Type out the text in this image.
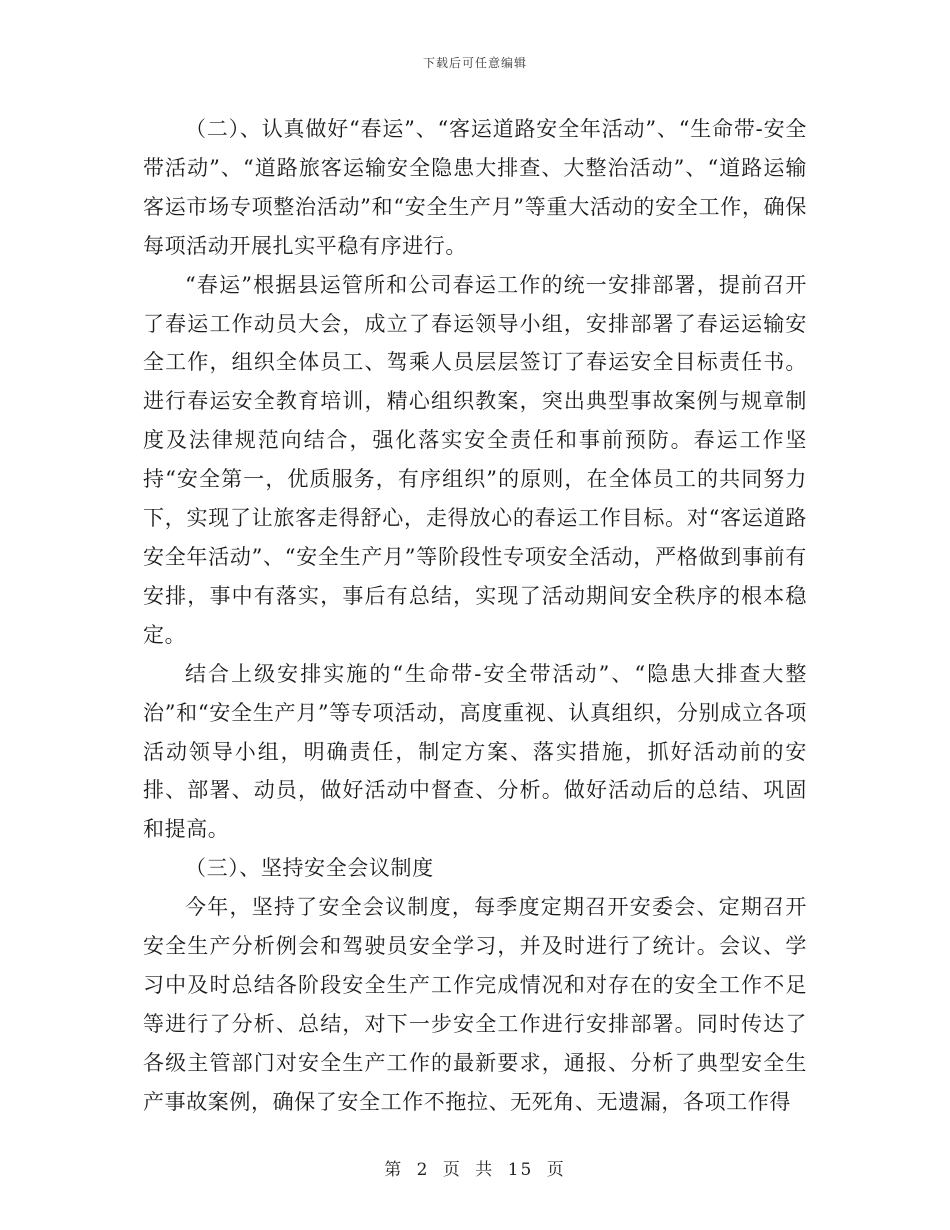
下载后可任意编辑

（二）、认真做好“春运”、“客运道路安全年活动”、“生命带-安全带活动”、“道路旅客运输安全隐患大排查、大整治活动”、“道路运输客运市场专项整治活动”和“安全生产月”等重大活动的安全工作，确保每项活动开展扎实平稳有序进行。

“春运”根据县运管所和公司春运工作的统一安排部署，提前召开了春运工作动员大会，成立了春运领导小组，安排部署了春运运输安全工作，组织全体员工、驾乘人员层层签订了春运安全目标责任书。进行春运安全教育培训，精心组织教案，突出典型事故案例与规章制度及法律规范向结合，强化落实安全责任和事前预防。春运工作坚持“安全第一，优质服务，有序组织”的原则，在全体员工的共同努力下，实现了让旅客走得舒心，走得放心的春运工作目标。对“客运道路安全年活动”、“安全生产月”等阶段性专项安全活动，严格做到事前有安排，事中有落实，事后有总结，实现了活动期间安全秩序的根本稳定。

结合上级安排实施的“生命带-安全带活动”、“隐患大排查大整治”和“安全生产月”等专项活动，高度重视、认真组织，分别成立各项活动领导小组，明确责任，制定方案、落实措施，抓好活动前的安排、部署、动员，做好活动中督查、分析。做好活动后的总结、巩固和提高。

（三）、坚持安全会议制度

今年，坚持了安全会议制度，每季度定期召开安委会、定期召开安全生产分析例会和驾驶员安全学习，并及时进行了统计。会议、学习中及时总结各阶段安全生产工作完成情况和对存在的安全工作不足等进行了分析、总结，对下一步安全工作进行安排部署。同时传达了各级主管部门对安全生产工作的最新要求，通报、分析了典型安全生产事故案例，确保了安全工作不拖拉、无死角、无遗漏，各项工作得

第 2 页 共 15 页
